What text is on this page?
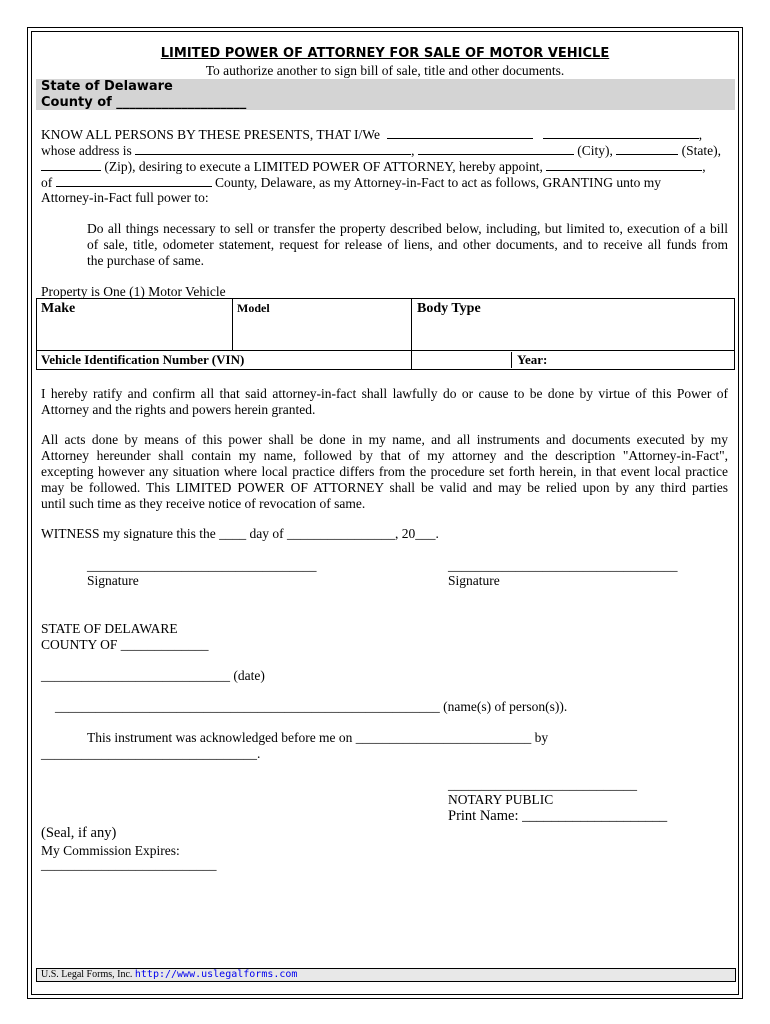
LIMITED POWER OF ATTORNEY FOR SALE OF MOTOR VEHICLE
To authorize another to sign bill of sale, title and other documents.
State of Delaware
County of ____________________
KNOW ALL PERSONS BY THESE PRESENTS, THAT I/We	,
whose address is	,	(City),	(State),
(Zip), desiring to execute a LIMITED POWER OF ATTORNEY, hereby appoint,	,
of	County, Delaware, as my Attorney-in-Fact to act as follows, GRANTING unto my
Attorney-in-Fact full power to:
Do all things necessary to sell or transfer the property described below, including, but limited to, execution of a bill
of sale, title, odometer statement, request for release of liens, and other documents, and to receive all funds from
the purchase of same.
Property is One (1) Motor Vehicle
Make	Model	Body Type
Vehicle Identification Number (VIN)		Year:
I hereby ratify and confirm all that said attorney-in-fact shall lawfully do or cause to be done by virtue of this Power of
Attorney and the rights and powers herein granted.
All acts done by means of this power shall be done in my name, and all instruments and documents executed by my
Attorney hereunder shall contain my name, followed by that of my attorney and the description "Attorney-in-Fact",
excepting however any situation where local practice differs from the procedure set forth herein, in that event local practice
may be followed. This LIMITED POWER OF ATTORNEY shall be valid and may be relied upon by any third parties
until such time as they receive notice of revocation of same.
WITNESS my signature this the ____ day of ________________, 20___.
__________________________________
Signature
__________________________________
Signature
STATE OF DELAWARE
COUNTY OF _____________
____________________________ (date)
_________________________________________________________ (name(s) of person(s)).
This instrument was acknowledged before me on __________________________ by
________________________________.
____________________________
NOTARY PUBLIC
Print Name: ____________________
(Seal, if any)
My Commission Expires:
__________________________
U.S. Legal Forms, Inc. http://www.uslegalforms.com
